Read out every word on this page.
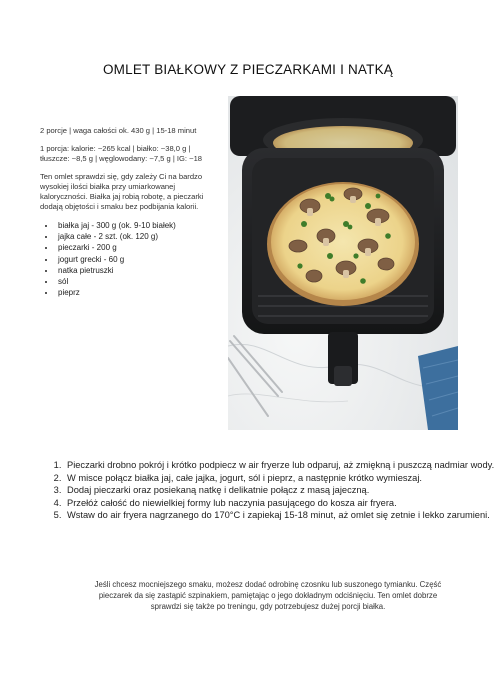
OMLET BIAŁKOWY Z PIECZARKAMI I NATKĄ

2 porcje | waga całości ok. 430 g | 15-18 minut

1 porcja: kalorie: ~265 kcal | białko: ~38,0 g | tłuszcze: ~8,5 g | węglowodany: ~7,5 g | IG: ~18

Ten omlet sprawdzi się, gdy zależy Ci na bardzo wysokiej ilości białka przy umiarkowanej kaloryczności. Białka jaj robią robotę, a pieczarki dodają objętości i smaku bez podbijania kalorii.

• białka jaj - 300 g (ok. 9-10 białek)
• jajka całe - 2 szt. (ok. 120 g)
• pieczarki - 200 g
• jogurt grecki - 60 g
• natka pietruszki
• sól
• pieprz
1. Pieczarki drobno pokrój i krótko podpiecz w air fryerze lub odparuj, aż zmiękną i puszczą nadmiar wody.
2. W misce połącz białka jaj, całe jajka, jogurt, sól i pieprz, a następnie krótko wymieszaj.
3. Dodaj pieczarki oraz posiekaną natkę i delikatnie połącz z masą jajeczną.
4. Przełóż całość do niewielkiej formy lub naczynia pasującego do kosza air fryera.
5. Wstaw do air fryera nagrzanego do 170°C i zapiekaj 15-18 minut, aż omlet się zetnie i lekko zarumieni.

Jeśli chcesz mocniejszego smaku, możesz dodać odrobinę czosnku lub suszonego tymianku. Część pieczarek da się zastąpić szpinakiem, pamiętając o jego dokładnym odciśnięciu. Ten omlet dobrze sprawdzi się także po treningu, gdy potrzebujesz dużej porcji białka.
